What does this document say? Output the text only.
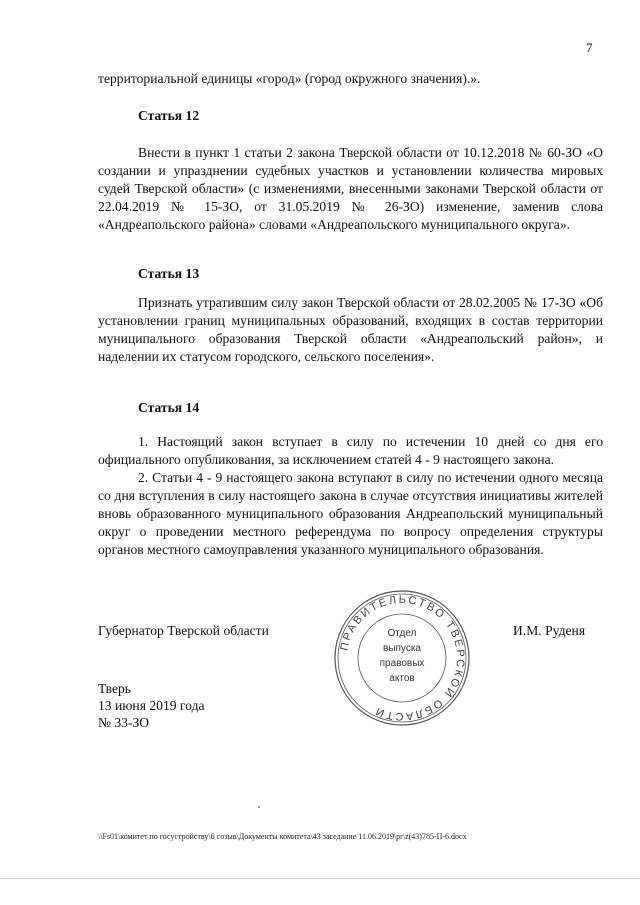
7

территориальной единицы «город» (город окружного значения).».

Статья 12

Внести в пункт 1 статьи 2 закона Тверской области от 10.12.2018 № 60-ЗО «О создании и упразднении судебных участков и установлении количества мировых судей Тверской области» (с изменениями, внесенными законами Тверской области от 22.04.2019 № 15-ЗО, от 31.05.2019 № 26-ЗО) изменение, заменив слова «Андреапольского района» словами «Андреапольского муниципального округа».

Статья 13

Признать утратившим силу закон Тверской области от 28.02.2005 № 17-ЗО «Об установлении границ муниципальных образований, входящих в состав территории муниципального образования Тверской области «Андреапольский район», и наделении их статусом городского, сельского поселения».

Статья 14

1. Настоящий закон вступает в силу по истечении 10 дней со дня его официального опубликования, за исключением статей 4 - 9 настоящего закона.

2. Статьи 4 - 9 настоящего закона вступают в силу по истечении одного месяца со дня вступления в силу настоящего закона в случае отсутствия инициативы жителей вновь образованного муниципального образования Андреапольский муниципальный округ о проведении местного референдума по вопросу определения структуры органов местного самоуправления указанного муниципального образования.

Губернатор Тверской области	И.М. Руденя
ПРАВИТЕЛЬСТВО ТВЕРСКОЙ ОБЛАСТИ
Отдел
выпуска
правовых
актов
Тверь
13 июня 2019 года
№ 33-ЗО
\\Fs01\комитет по госустройству\6 созыв\Документы комитета\43 заседание 11.06.2019\pr\z(43)785-П-6.docx
